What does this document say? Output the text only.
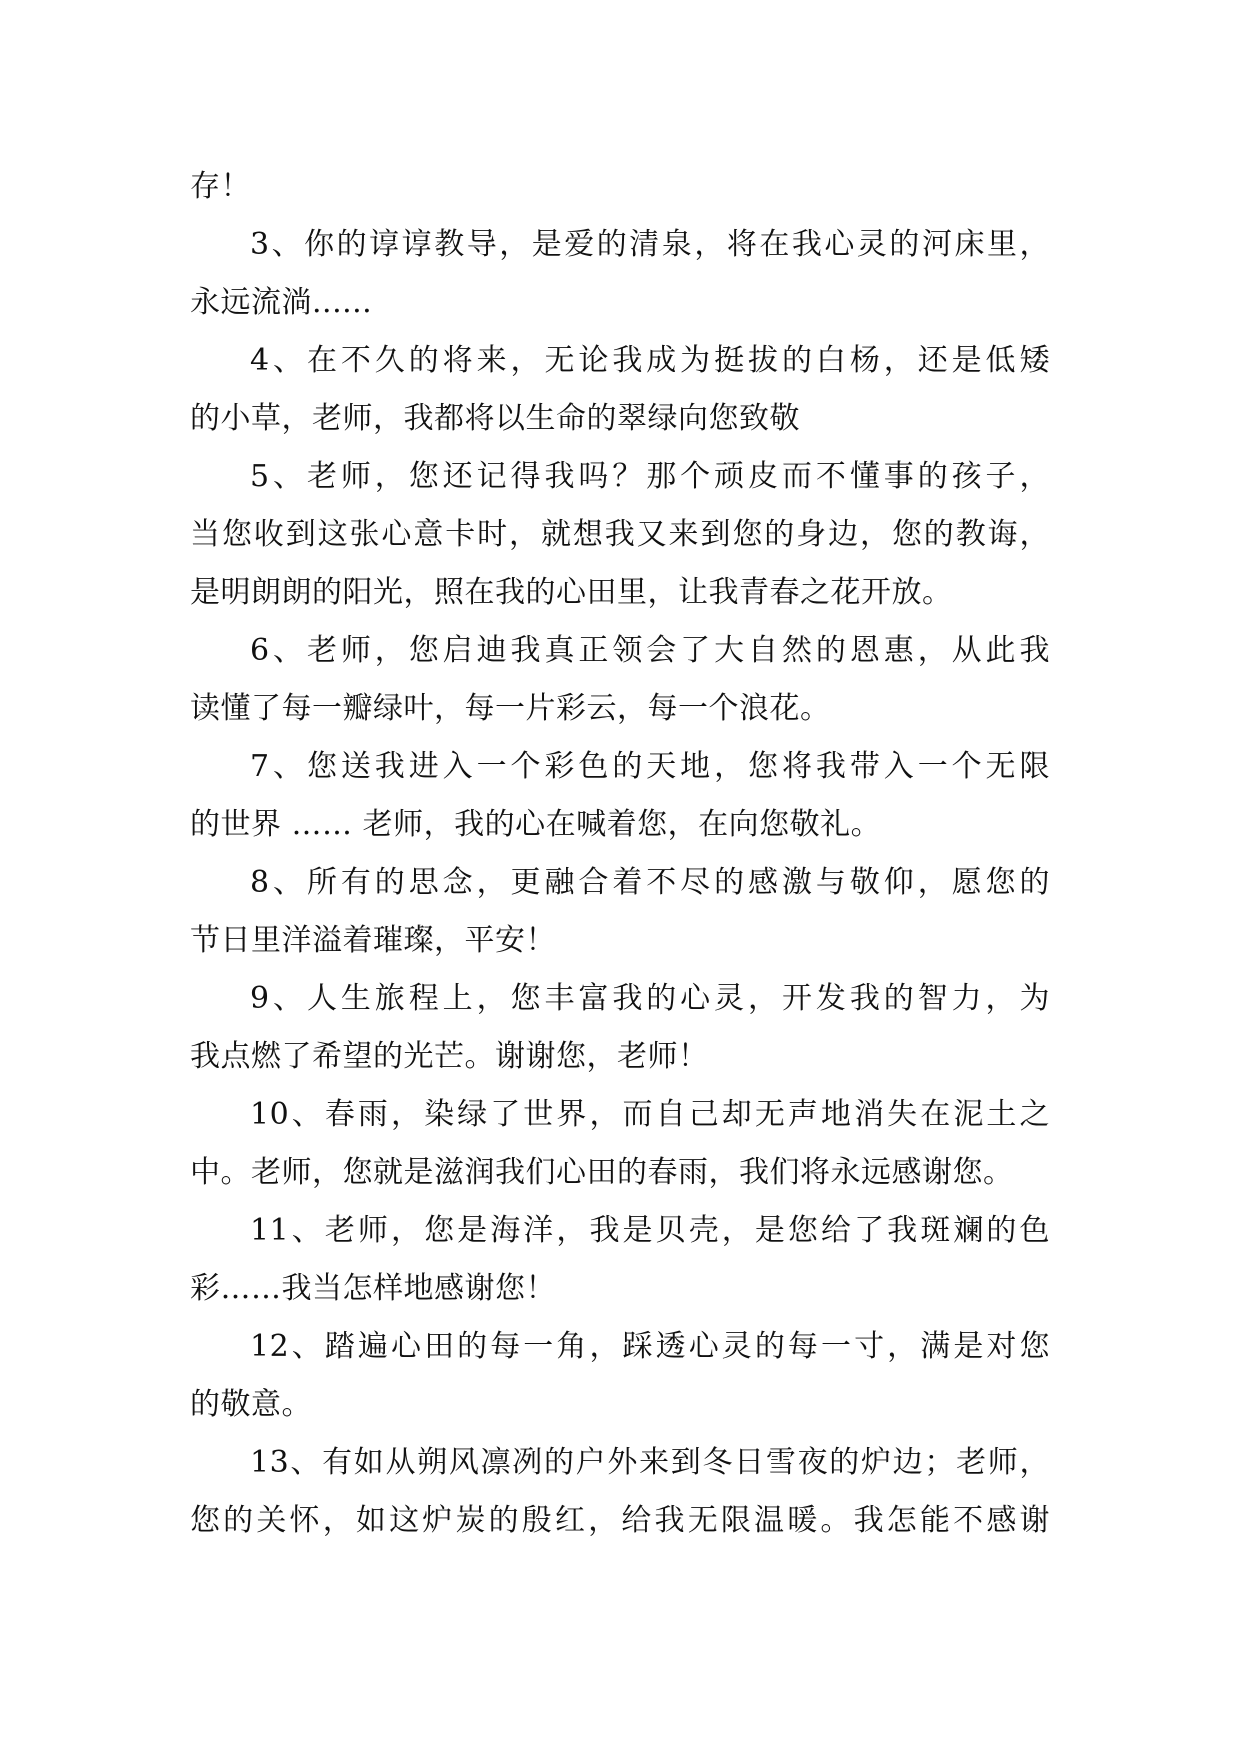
存！
3、你的谆谆教导，是爱的清泉，将在我心灵的河床里，
永远流淌......
4、在不久的将来，无论我成为挺拔的白杨，还是低矮
的小草，老师，我都将以生命的翠绿向您致敬
5、老师，您还记得我吗？那个顽皮而不懂事的孩子，
当您收到这张心意卡时，就想我又来到您的身边，您的教诲，
是明朗朗的阳光，照在我的心田里，让我青春之花开放。
6、老师，您启迪我真正领会了大自然的恩惠，从此我
读懂了每一瓣绿叶，每一片彩云，每一个浪花。
7、您送我进入一个彩色的天地，您将我带入一个无限
的世界 …… 老师，我的心在喊着您，在向您敬礼。
8、所有的思念，更融合着不尽的感激与敬仰，愿您的
节日里洋溢着璀璨，平安！
9、人生旅程上，您丰富我的心灵，开发我的智力，为
我点燃了希望的光芒。谢谢您，老师！
10、春雨，染绿了世界，而自己却无声地消失在泥土之
中。老师，您就是滋润我们心田的春雨，我们将永远感谢您。
11、老师，您是海洋，我是贝壳，是您给了我斑斓的色
彩……我当怎样地感谢您！
12、踏遍心田的每一角，踩透心灵的每一寸，满是对您
的敬意。
13、有如从朔风凛冽的户外来到冬日雪夜的炉边；老师，
您的关怀，如这炉炭的殷红，给我无限温暖。我怎能不感谢
